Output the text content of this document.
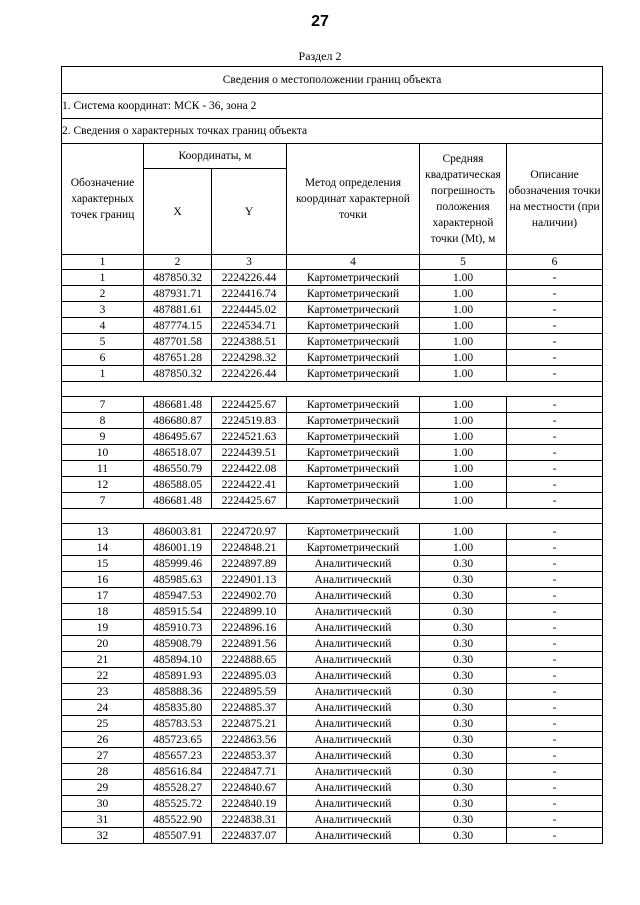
27
Раздел 2
Сведения о местоположении границ объекта					
1. Система координат: МСК - 36, зона 2					
2. Сведения о характерных точках границ объекта					
Обозначение характерных точек границ	Координаты, м		Метод определения координат характерной точки	Средняя квадратическая погрешность положения характерной точки (Mt), м	Описание обозначения точки на местности (при наличии)
	X	Y			
1	2	3	4	5	6
1	487850.32	2224226.44	Картометрический	1.00	-
2	487931.71	2224416.74	Картометрический	1.00	-
3	487881.61	2224445.02	Картометрический	1.00	-
4	487774.15	2224534.71	Картометрический	1.00	-
5	487701.58	2224388.51	Картометрический	1.00	-
6	487651.28	2224298.32	Картометрический	1.00	-
1	487850.32	2224226.44	Картометрический	1.00	-

7	486681.48	2224425.67	Картометрический	1.00	-
8	486680.87	2224519.83	Картометрический	1.00	-
9	486495.67	2224521.63	Картометрический	1.00	-
10	486518.07	2224439.51	Картометрический	1.00	-
11	486550.79	2224422.08	Картометрический	1.00	-
12	486588.05	2224422.41	Картометрический	1.00	-
7	486681.48	2224425.67	Картометрический	1.00	-

13	486003.81	2224720.97	Картометрический	1.00	-
14	486001.19	2224848.21	Картометрический	1.00	-
15	485999.46	2224897.89	Аналитический	0.30	-
16	485985.63	2224901.13	Аналитический	0.30	-
17	485947.53	2224902.70	Аналитический	0.30	-
18	485915.54	2224899.10	Аналитический	0.30	-
19	485910.73	2224896.16	Аналитический	0.30	-
20	485908.79	2224891.56	Аналитический	0.30	-
21	485894.10	2224888.65	Аналитический	0.30	-
22	485891.93	2224895.03	Аналитический	0.30	-
23	485888.36	2224895.59	Аналитический	0.30	-
24	485835.80	2224885.37	Аналитический	0.30	-
25	485783.53	2224875.21	Аналитический	0.30	-
26	485723.65	2224863.56	Аналитический	0.30	-
27	485657.23	2224853.37	Аналитический	0.30	-
28	485616.84	2224847.71	Аналитический	0.30	-
29	485528.27	2224840.67	Аналитический	0.30	-
30	485525.72	2224840.19	Аналитический	0.30	-
31	485522.90	2224838.31	Аналитический	0.30	-
32	485507.91	2224837.07	Аналитический	0.30	-
